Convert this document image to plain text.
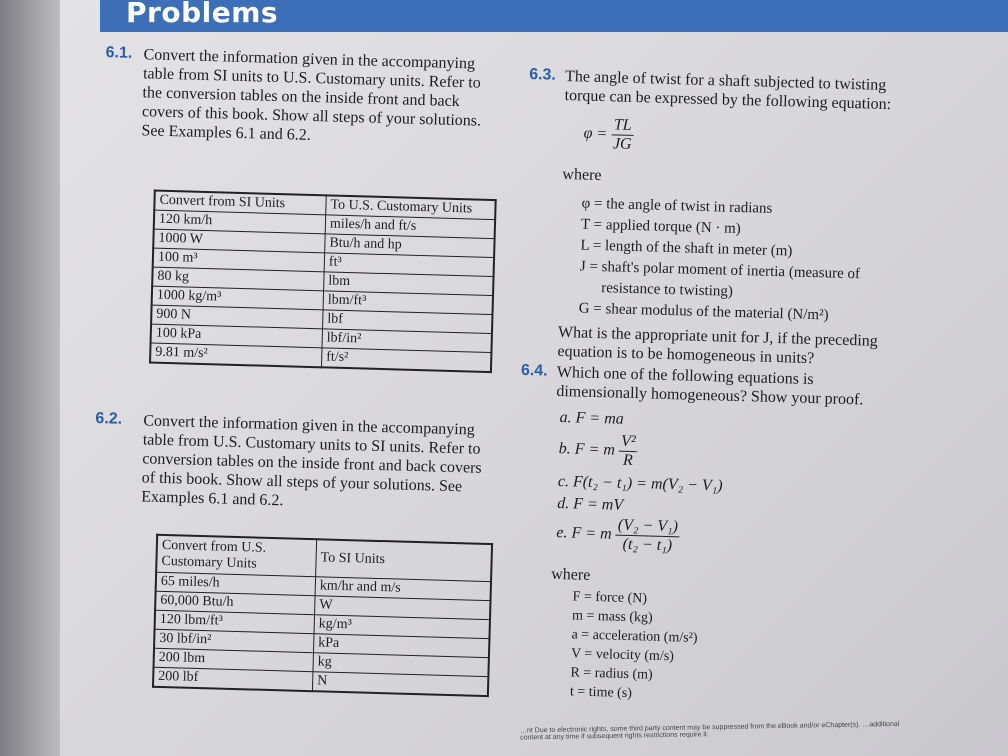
Problems
6.1. Convert the information given in the accompanying table from SI units to U.S. Customary units. Refer to the conversion tables on the inside front and back covers of this book. Show all steps of your solutions. See Examples 6.1 and 6.2.
Convert from SI Units	To U.S. Customary Units
120 km/h	miles/h and ft/s
1000 W	Btu/h and hp
100 m³	ft³
80 kg	lbm
1000 kg/m³	lbm/ft³
900 N	lbf
100 kPa	lbf/in²
9.81 m/s²	ft/s²
6.2. Convert the information given in the accompanying table from U.S. Customary units to SI units. Refer to conversion tables on the inside front and back covers of this book. Show all steps of your solutions. See Examples 6.1 and 6.2.
Convert from U.S. Customary Units	To SI Units
65 miles/h	km/hr and m/s
60,000 Btu/h	W
120 lbm/ft³	kg/m³
30 lbf/in²	kPa
200 lbm	kg
200 lbf	N
6.3. The angle of twist for a shaft subjected to twisting torque can be expressed by the following equation:
$\varphi = \frac{TL}{JG}$
where
φ = the angle of twist in radians
T = applied torque (N · m)
L = length of the shaft in meter (m)
J = shaft's polar moment of inertia (measure of
resistance to twisting)
G = shear modulus of the material (N/m²)
What is the appropriate unit for J, if the preceding equation is to be homogeneous in units?
6.4. Which one of the following equations is dimensionally homogeneous? Show your proof.
a. F = ma
b. F = m $\frac{\text{V²}}{R}$
c. F(t₂ − t₁) = m(V₂ − V₁)
d. F = mV
e. F = m $\frac{\text{(V₂ − V₁)}}{\text{(t₂ − t₁)}}$
where
F = force (N)
m = mass (kg)
a = acceleration (m/s²)
V = velocity (m/s)
R = radius (m)
t = time (s)
…nt Due to electronic rights, some third party content may be suppressed from the eBook and/or eChapter(s). …additional content at any time if subsequent rights restrictions require it.
